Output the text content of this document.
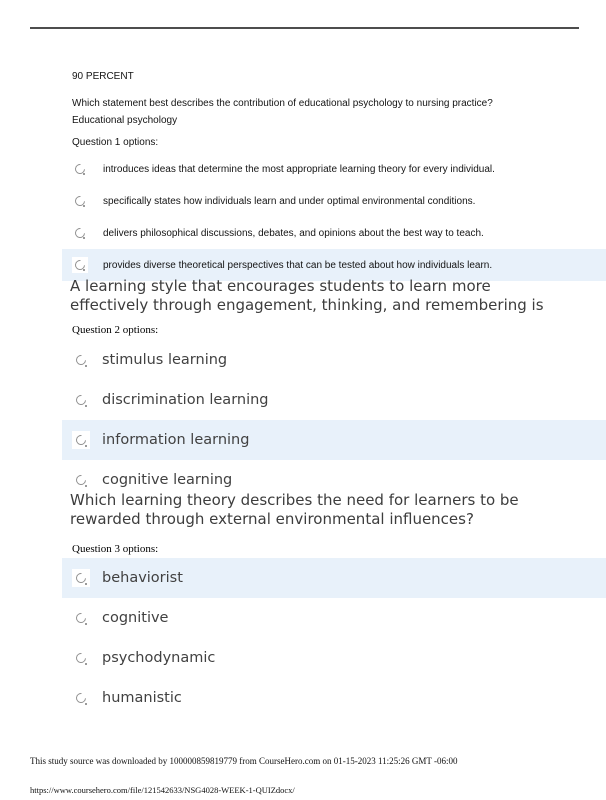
90 PERCENT
Which statement best describes the contribution of educational psychology to nursing practice?
Educational psychology
Question 1 options:
introduces ideas that determine the most appropriate learning theory for every individual.
specifically states how individuals learn and under optimal environmental conditions.
delivers philosophical discussions, debates, and opinions about the best way to teach.
provides diverse theoretical perspectives that can be tested about how individuals learn.
A learning style that encourages students to learn more
effectively through engagement, thinking, and remembering is
Question 2 options:
stimulus learning
discrimination learning
information learning
cognitive learning
Which learning theory describes the need for learners to be
rewarded through external environmental influences?
Question 3 options:
behaviorist
cognitive
psychodynamic
humanistic
This study source was downloaded by 100000859819779 from CourseHero.com on 01-15-2023 11:25:26 GMT -06:00
https://www.coursehero.com/file/121542633/NSG4028-WEEK-1-QUIZdocx/
